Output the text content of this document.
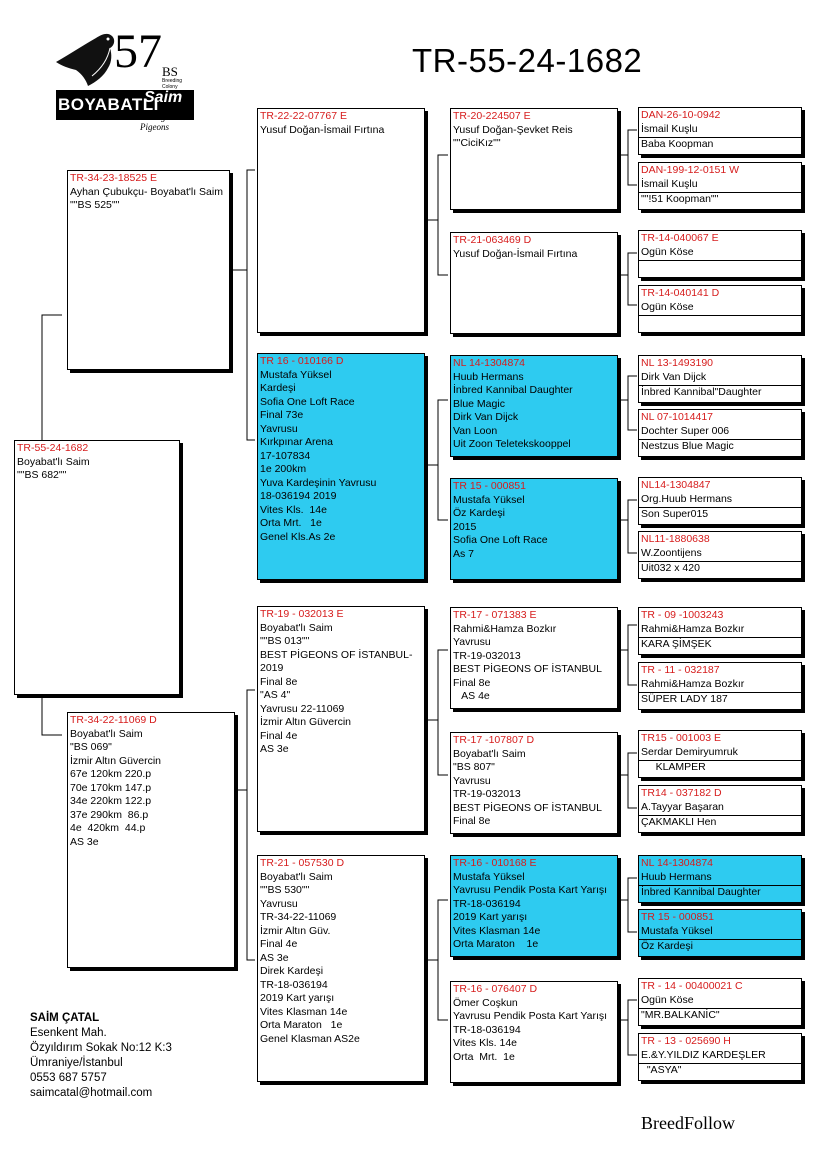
57 BS
Breeding Colony
BOYABATLI
Saim
Racing Pigeons
TR-55-24-1682
TR-55-24-1682
Boyabat'lı Saim
""BS 682""
TR-34-23-18525 E
Ayhan Çubukçu- Boyabat'lı Saim
""BS 525""
TR-34-22-11069 D
Boyabat'lı Saim
"BS 069"
İzmir Altın Güvercin
67e 120km 220.p
70e 170km 147.p
34e 220km 122.p
37e 290km  86.p
4e  420km  44.p
AS 3e
TR-22-22-07767 E
Yusuf Doğan-İsmail Fırtına
TR 16 - 010166 D
Mustafa Yüksel
Kardeşi
Sofia One Loft Race
Final 73e
Yavrusu
Kırkpınar Arena
17-107834
1e 200km
Yuva Kardeşinin Yavrusu
18-036194 2019
Vites Kls.  14e
Orta Mrt.   1e
Genel Kls.As 2e
TR-19 - 032013 E
Boyabat'lı Saim
""BS 013""
BEST PİGEONS OF İSTANBUL-
2019
Final 8e
"AS 4"
Yavrusu 22-11069
İzmir Altın Güvercin
Final 4e
AS 3e
TR-21 - 057530 D
Boyabat'lı Saim
""BS 530""
Yavrusu
TR-34-22-11069
İzmir Altın Güv.
Final 4e
AS 3e
Direk Kardeşi
TR-18-036194
2019 Kart yarışı
Vites Klasman 14e
Orta Maraton   1e
Genel Klasman AS2e
TR-20-224507 E
Yusuf Doğan-Şevket Reis
""CiciKız""
TR-21-063469 D
Yusuf Doğan-İsmail Fırtına
NL 14-1304874
Huub Hermans
İnbred Kannibal Daughter
Blue Magic
Dirk Van Dijck
Van Loon
Uit Zoon Teletekskooppel
TR 15 - 000851
Mustafa Yüksel
Öz Kardeşi
2015
Sofia One Loft Race
As 7
TR-17 - 071383 E
Rahmi&Hamza Bozkır
Yavrusu
TR-19-032013
BEST PİGEONS OF İSTANBUL
Final 8e
AS 4e
TR-17 -107807 D
Boyabat'lı Saim
"BS 807"
Yavrusu
TR-19-032013
BEST PİGEONS OF İSTANBUL
Final 8e
TR-16 - 010168 E
Mustafa Yüksel
Yavrusu Pendik Posta Kart Yarışı
TR-18-036194
2019 Kart yarışı
Vites Klasman 14e
Orta Maraton    1e
TR-16 - 076407 D
Ömer Coşkun
Yavrusu Pendik Posta Kart Yarışı
TR-18-036194
Vites Kls. 14e
Orta  Mrt.  1e
DAN-26-10-0942
İsmail Kuşlu
Baba Koopman
DAN-199-12-0151 W
İsmail Kuşlu
""!51 Koopman""
TR-14-040067 E
Ogün Köse

TR-14-040141 D
Ogün Köse

NL 13-1493190
Dirk Van Dijck
İnbred Kannibal"Daughter
NL 07-1014417
Dochter Super 006
Nestzus Blue Magic
NL14-1304847
Org.Huub Hermans
Son Super015
NL11-1880638
W.Zoontijens
Uit032 x 420
TR - 09 -1003243
Rahmi&Hamza Bozkır
KARA ŞİMŞEK
TR - 11 - 032187
Rahmi&Hamza Bozkır
SÜPER LADY 187
TR15 - 001003 E
Serdar Demiryumruk
KLAMPER
TR14 - 037182 D
A.Tayyar Başaran
ÇAKMAKLI Hen
NL 14-1304874
Huub Hermans
İnbred Kannibal Daughter
TR 15 - 000851
Mustafa Yüksel
Öz Kardeşi
TR - 14 - 00400021 C
Ogün Köse
"MR.BALKANİC"
TR - 13 - 025690 H
E.&Y.YILDIZ KARDEŞLER
"ASYA"
SAİM ÇATAL
Esenkent Mah.
Özyıldırım Sokak No:12 K:3
Ümraniye/İstanbul
0553 687 5757
saimcatal@hotmail.com
BreedFollow
